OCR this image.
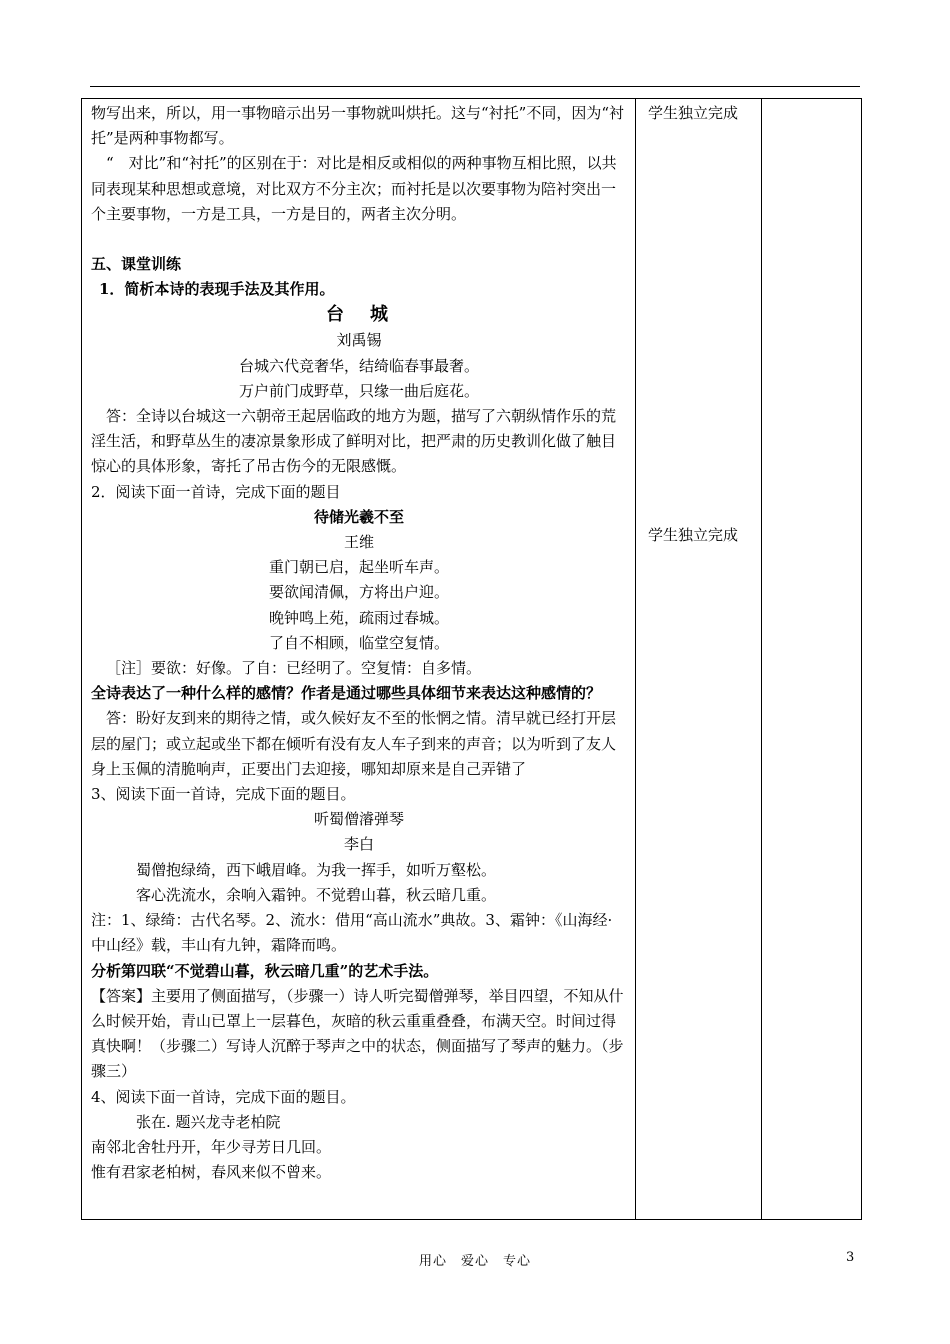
物写出来，所以，用一事物暗示出另一事物就叫烘托。这与“衬托”不同，因为“衬托”是两种事物都写。

“　对比”和“衬托”的区别在于：对比是相反或相似的两种事物互相比照，以共同表现某种思想或意境，对比双方不分主次；而衬托是以次要事物为陪衬突出一个主要事物，一方是工具，一方是目的，两者主次分明。

五、课堂训练

1．简析本诗的表现手法及其作用。

台　城

刘禹锡

台城六代竞奢华，结绮临春事最奢。

万户前门成野草，只缘一曲后庭花。

答：全诗以台城这一六朝帝王起居临政的地方为题，描写了六朝纵情作乐的荒淫生活，和野草丛生的凄凉景象形成了鲜明对比，把严肃的历史教训化做了触目惊心的具体形象，寄托了吊古伤今的无限感慨。

2．阅读下面一首诗，完成下面的题目

待储光羲不至

王维

重门朝已启，起坐听车声。

要欲闻清佩，方将出户迎。

晚钟鸣上苑，疏雨过春城。

了自不相顾，临堂空复情。

［注］要欲：好像。了自：已经明了。空复情：自多情。

全诗表达了一种什么样的感情？作者是通过哪些具体细节来表达这种感情的？

答：盼好友到来的期待之情，或久候好友不至的怅惘之情。清早就已经打开层层的屋门；或立起或坐下都在倾听有没有友人车子到来的声音；以为听到了友人身上玉佩的清脆响声，正要出门去迎接，哪知却原来是自己弄错了

3、阅读下面一首诗，完成下面的题目。

听蜀僧濬弹琴

李白

蜀僧抱绿绮，西下峨眉峰。为我一挥手，如听万壑松。

客心洗流水，余响入霜钟。不觉碧山暮，秋云暗几重。

注：1、绿绮：古代名琴。2、流水：借用“高山流水”典故。3、霜钟：《山海经·中山经》载，丰山有九钟，霜降而鸣。

分析第四联“不觉碧山暮，秋云暗几重”的艺术手法。

【答案】主要用了侧面描写，（步骤一）诗人听完蜀僧弹琴，举目四望，不知从什么时候开始，青山已罩上一层暮色，灰暗的秋云重重叠叠，布满天空。时间过得真快啊！（步骤二）写诗人沉醉于琴声之中的状态，侧面描写了琴声的魅力。（步骤三）

4、阅读下面一首诗，完成下面的题目。

张在. 题兴龙寺老柏院

南邻北舍牡丹开，年少寻芳日几回。

惟有君家老柏树，春风来似不曾来。

学生独立完成
学生独立完成

用心　爱心　专心	3
